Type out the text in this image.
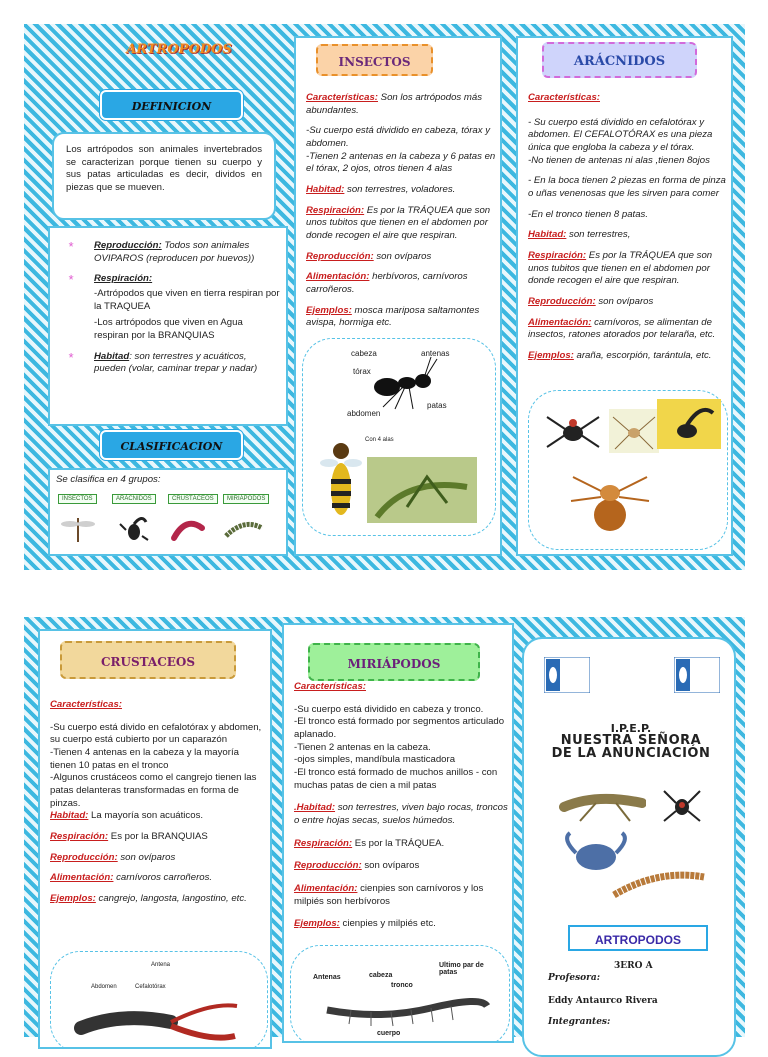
ARTROPODOS
DEFINICION
Los artrópodos son animales invertebrados se caracterizan porque tienen su cuerpo y sus patas articuladas es decir, dividos en piezas que se mueven.
* Reproducción: Todos son animales OVIPAROS (reproducen por huevos))
* Respiración:
-Artrópodos que viven en tierra respiran por la TRAQUEA
-Los artrópodos que viven en Agua respiran por la BRANQUIAS
* Habitad: son terrestres y acuáticos, pueden (volar, caminar trepar y nadar)
CLASIFICACION
Se clasifica en 4 grupos:
INSECTOS	ARÁCNIDOS	CRUSTÁCEOS	MIRIÁPODOS
INSECTOS
Características: Son los artrópodos más abundantes.
-Su cuerpo está dividido en cabeza, tórax y abdomen.
-Tienen 2 antenas en la cabeza y 6 patas en el tórax, 2 ojos, otros tienen 4 alas
Habitad: son terrestres, voladores.
Respiración: Es por la TRÁQUEA que son unos tubitos que tienen en el abdomen por donde recogen el aire que respiran.
Reproducción: son ovíparos
Alimentación: herbívoros, carnívoros carroñeros.
Ejemplos: mosca mariposa saltamontes avispa, hormiga etc.
cabeza	antenas
tórax
abdomen
patas
Con 4 alas
ARÁCNIDOS
Características:
- Su cuerpo está dividido en cefalotórax y abdomen. El CEFALOTÓRAX es una pieza única que engloba la cabeza y el tórax.
-No tienen de antenas ni alas ,tienen 8ojos
- En la boca tienen 2 piezas en forma de pinza o uñas venenosas que les sirven para comer
-En el tronco tienen 8 patas.
Habitad: son terrestres,
Respiración: Es por la TRÁQUEA que son unos tubitos que tienen en el abdomen por donde recogen el aire que respiran.
Reproducción: son ovíparos
Alimentación: carnívoros, se alimentan de insectos, ratones atorados por telaraña, etc.
Ejemplos: araña, escorpión, tarántula, etc.
CRUSTACEOS
Características:
-Su cuerpo está divido en cefalotórax y abdomen, su cuerpo está cubierto por un caparazón
-Tienen 4 antenas en la cabeza y la mayoría tienen 10 patas en el tronco
-Algunos crustáceos como el cangrejo tienen las patas delanteras transformadas en forma de pinzas.
Habitad: La mayoría son acuáticos.
Respiración: Es por la BRANQUIAS
Reproducción: son ovíparos
Alimentación: carnívoros carroñeros.
Ejemplos: cangrejo, langosta, langostino, etc.
Antena
Abdomen	Cefalotórax
MIRIÁPODOS
Características:
-Su cuerpo está dividido en cabeza y tronco.
-El tronco está formado por segmentos articulado aplanado.
-Tienen 2 antenas en la cabeza.
-ojos simples, mandíbula masticadora
-El tronco está formado de muchos anillos - con muchas patas de cien a mil patas
.Habitad: son terrestres, viven bajo rocas, troncos o entre hojas secas, suelos húmedos.
Respiración: Es por la TRÁQUEA.
Reproducción: son ovíparos
Alimentación: cienpies son carnívoros y los milpiés son herbívoros
Ejemplos: cienpies y milpiés etc.
Antenas	cabeza
tronco
Ultimo par de patas
cuerpo
I.P.E.P.
NUESTRA SEÑORA
DE LA ANUNCIACIÓN
ARTROPODOS
3ERO A
Profesora:
Eddy Antaurco Rivera
Integrantes:
